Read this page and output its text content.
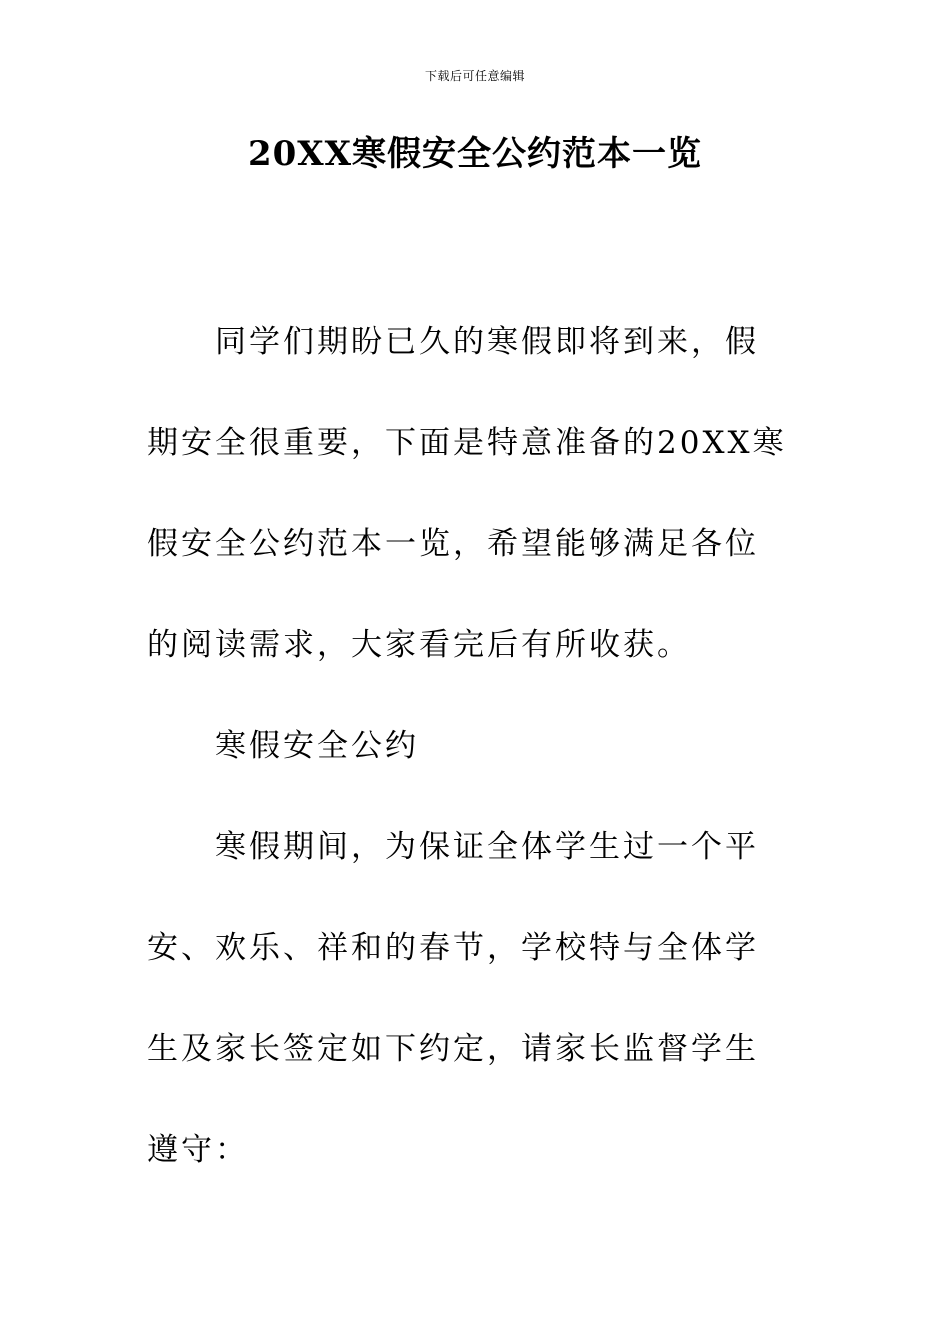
下载后可任意编辑
20XX寒假安全公约范本一览

同学们期盼已久的寒假即将到来，假
期安全很重要，下面是特意准备的20XX寒
假安全公约范本一览，希望能够满足各位
的阅读需求，大家看完后有所收获。

寒假安全公约

寒假期间，为保证全体学生过一个平
安、欢乐、祥和的春节，学校特与全体学
生及家长签定如下约定，请家长监督学生
遵守：
